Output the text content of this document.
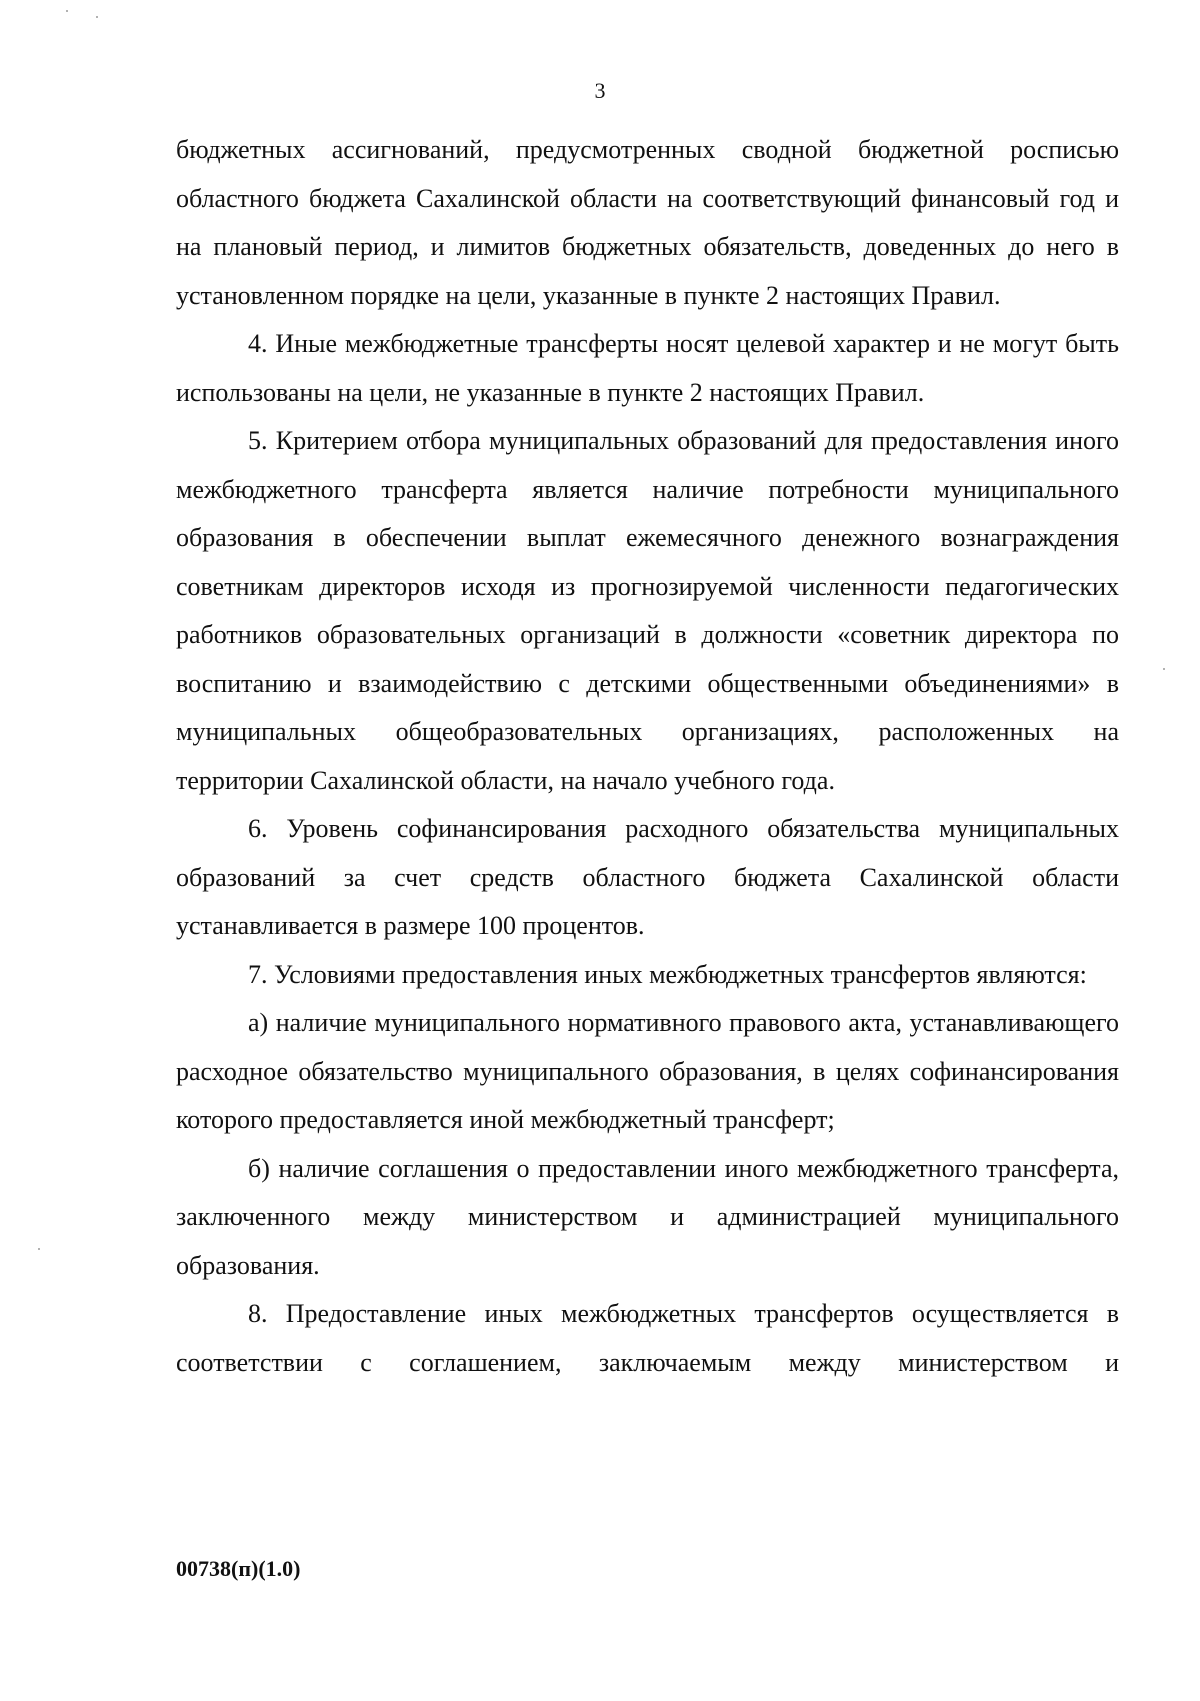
3

бюджетных ассигнований, предусмотренных сводной бюджетной росписью областного бюджета Сахалинской области на соответствующий финансовый год и на плановый период, и лимитов бюджетных обязательств, доведенных до него в установленном порядке на цели, указанные в пункте 2 настоящих Правил.

4. Иные межбюджетные трансферты носят целевой характер и не могут быть использованы на цели, не указанные в пункте 2 настоящих Правил.

5. Критерием отбора муниципальных образований для предоставления иного межбюджетного трансферта является наличие потребности муниципального образования в обеспечении выплат ежемесячного денежного вознаграждения советникам директоров исходя из прогнозируемой численности педагогических работников образовательных организаций в должности «советник директора по воспитанию и взаимодействию с детскими общественными объединениями» в муниципальных общеобразовательных организациях, расположенных на территории Сахалинской области, на начало учебного года.

6. Уровень софинансирования расходного обязательства муниципальных образований за счет средств областного бюджета Сахалинской области устанавливается в размере 100 процентов.

7. Условиями предоставления иных межбюджетных трансфертов являются:

а) наличие муниципального нормативного правового акта, устанавливающего расходное обязательство муниципального образования, в целях софинансирования которого предоставляется иной межбюджетный трансферт;

б) наличие соглашения о предоставлении иного межбюджетного трансферта, заключенного между министерством и администрацией муниципального образования.

8. Предоставление иных межбюджетных трансфертов осуществляется в соответствии с соглашением, заключаемым между министерством и

00738(п)(1.0)
